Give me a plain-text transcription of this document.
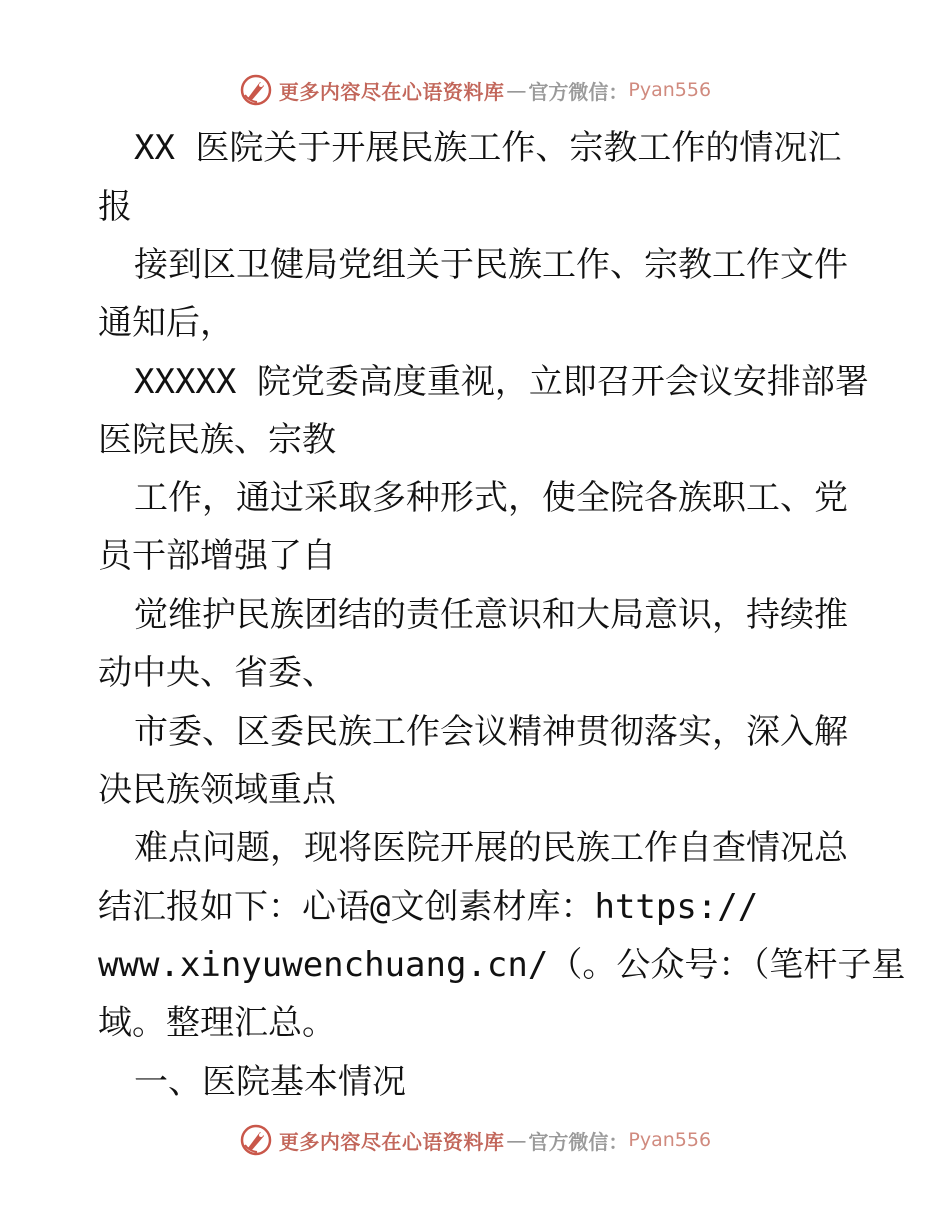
更多内容尽在心语资料库 — 官方微信： Pyan556
XX 医院关于开展民族工作、宗教工作的情况汇
报
接到区卫健局党组关于民族工作、宗教工作文件
通知后，
XXXXX 院党委高度重视，立即召开会议安排部署
医院民族、宗教
工作，通过采取多种形式，使全院各族职工、党
员干部增强了自
觉维护民族团结的责任意识和大局意识，持续推
动中央、省委、
市委、区委民族工作会议精神贯彻落实，深入解
决民族领域重点
难点问题，现将医院开展的民族工作自查情况总
结汇报如下：心语@文创素材库：https://
www.xinyuwenchuang.cn/（。公众号：（笔杆子星
域。整理汇总。
一、医院基本情况
更多内容尽在心语资料库 — 官方微信： Pyan556
